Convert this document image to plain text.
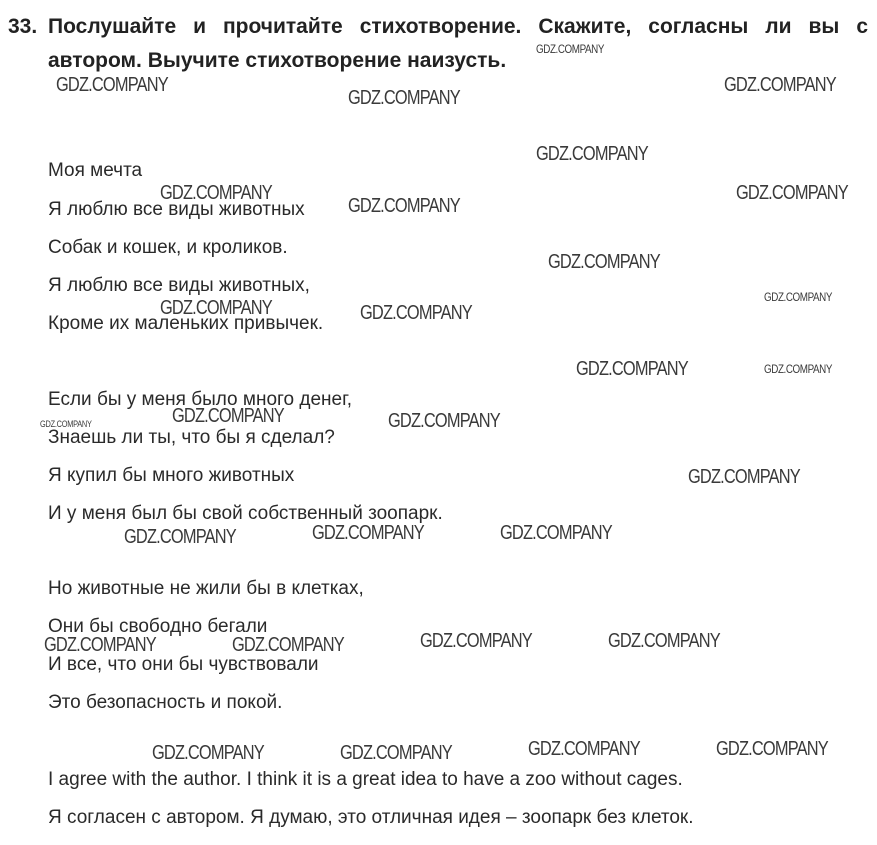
33. Послушайте и прочитайте стихотворение. Скажите, согласны ли вы с
автором. Выучите стихотворение наизусть.
Моя мечта
Я люблю все виды животных
Собак и кошек, и кроликов.
Я люблю все виды животных,
Кроме их маленьких привычек.
Если бы у меня было много денег,
Знаешь ли ты, что бы я сделал?
Я купил бы много животных
И у меня был бы свой собственный зоопарк.
Но животные не жили бы в клетках,
Они бы свободно бегали
И все, что они бы чувствовали
Это безопасность и покой.
I agree with the author. I think it is a great idea to have a zoo without cages.
Я согласен с автором. Я думаю, это отличная идея – зоопарк без клеток.
GDZ.COMPANY
GDZ.COMPANY
GDZ.COMPANY
GDZ.COMPANY
GDZ.COMPANY
GDZ.COMPANY	GDZ.COMPANY
GDZ.COMPANY
GDZ.COMPANY
GDZ.COMPANY
GDZ.COMPANY	GDZ.COMPANY
GDZ.COMPANY	GDZ.COMPANY
GDZ.COMPANY
GDZ.COMPANY	GDZ.COMPANY
GDZ.COMPANY
GDZ.COMPANY	GDZ.COMPANY	GDZ.COMPANY
GDZ.COMPANY	GDZ.COMPANY	GDZ.COMPANY	GDZ.COMPANY
GDZ.COMPANY	GDZ.COMPANY	GDZ.COMPANY	GDZ.COMPANY
